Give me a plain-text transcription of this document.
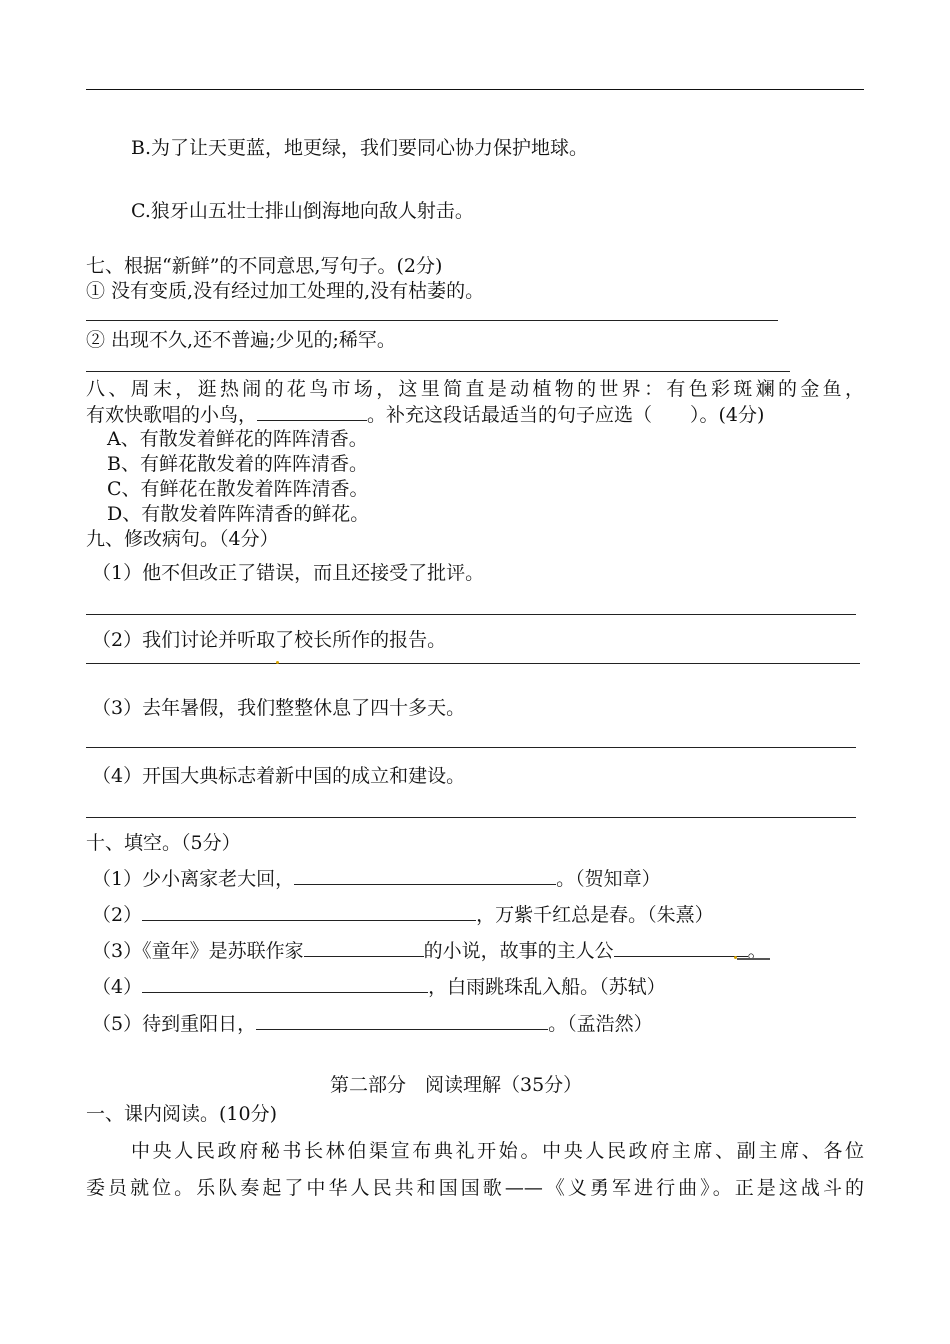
B.为了让天更蓝，地更绿，我们要同心协力保护地球。
C.狼牙山五壮士排山倒海地向敌人射击。
七、根据“新鲜”的不同意思,写句子。(2分)
① 没有变质,没有经过加工处理的,没有枯萎的。
② 出现不久,还不普遍;少见的;稀罕。
八、周末，逛热闹的花鸟市场，这里简直是动植物的世界：有色彩斑斓的金鱼，
有欢快歌唱的小鸟，	。补充这段话最适当的句子应选（　　）。(4分)
A、有散发着鲜花的阵阵清香。
B、有鲜花散发着的阵阵清香。
C、有鲜花在散发着阵阵清香。
D、有散发着阵阵清香的鲜花。
九、修改病句。（4分）
（1）他不但改正了错误，而且还接受了批评。
（2）我们讨论并听取了校长所作的报告。
（3）去年暑假，我们整整休息了四十多天。
（4）开国大典标志着新中国的成立和建设。
十、填空。（5分）
（1）少小离家老大回，	。（贺知章）
（2）	，万紫千红总是春。（朱熹）
（3）《童年》是苏联作家	的小说，故事的主人公	。
（4）	，白雨跳珠乱入船。（苏轼）
（5）待到重阳日，	。（孟浩然）
第二部分　阅读理解（35分）
一、课内阅读。(10分)
中央人民政府秘书长林伯渠宣布典礼开始。中央人民政府主席、副主席、各位
委员就位。乐队奏起了中华人民共和国国歌——《义勇军进行曲》。正是这战斗的
